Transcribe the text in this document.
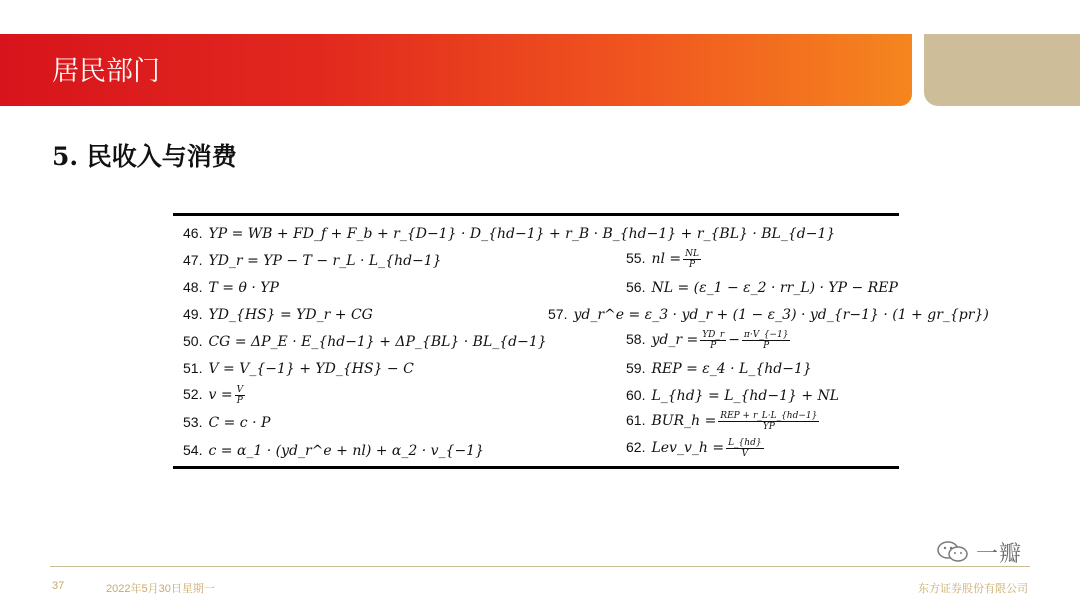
居民部门
5. 民收入与消费
46. YP = WB + FD_f + F_b + r_{D−1} · D_{hd−1} + r_B · B_{hd−1} + r_{BL} · BL_{d−1}
47. YD_r = YP − T − r_L · L_{hd−1}
48. T = θ · YP
49. YD_{HS} = YD_r + CG
50. CG = ΔP_E · E_{hd−1} + ΔP_{BL} · BL_{d−1}
51. V = V_{−1} + YD_{HS} − C
52. $v = \frac{V}{P}$
53. C = c · P
54. c = α_1 · (yd_r^e + nl) + α_2 · v_{−1}
55. nl = $\frac{NL}{P}$
56. NL = (ε_1 − ε_2 · rr_L) · YP − REP
57. yd_r^e = ε_3 · yd_r + (1 − ε_3) · yd_{r−1} · (1 + gr_{pr})
58. yd_r = $\frac{YD\_r}{P} - \frac{\pi\cdot V\_\{-1\}}{P}$
59. REP = ε_4 · L_{hd−1}
60. L_{hd} = L_{hd−1} + NL
61. BUR_h = $\frac{\text{REP + r\_L·L\_\{hd−1\}}}{YP}$
62. Lev_v_h = $\frac{L\_\{hd\}}{V}$
一瓣
37	2022年5月30日星期一	东方证券股份有限公司
